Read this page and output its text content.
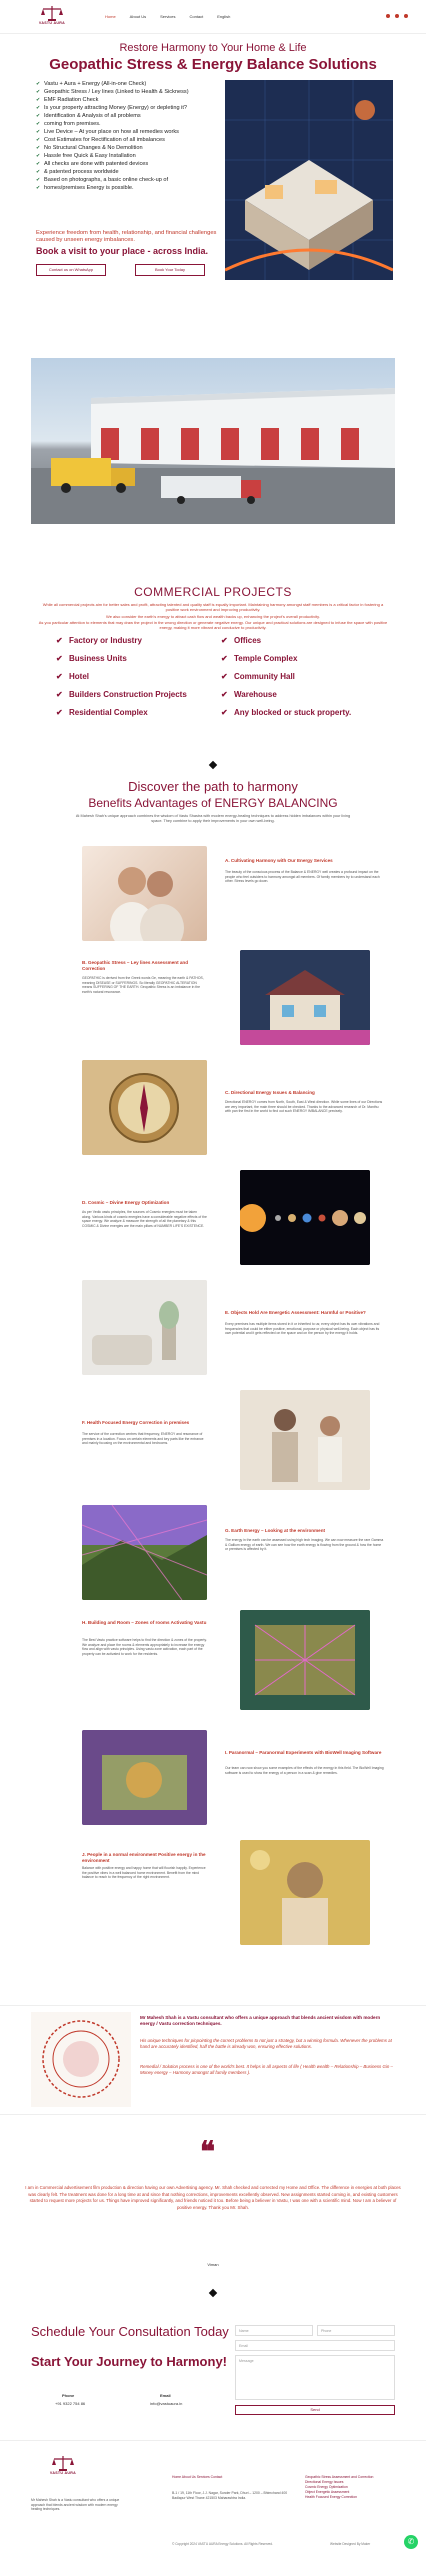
VASTU AURA
Home	About Us	Services	Contact	English
Restore Harmony to Your Home & Life
Geopathic Stress & Energy Balance Solutions
✔ Vastu + Aura + Energy (All-in-one Check)
✔ Geopathic Stress / Ley lines (Linked to Health & Sickness)
✔ EMF Radiation Check
✔ Is your property attracting Money (Energy) or depleting it?
✔ Identification & Analysis of all problems
✔ coming from premises.
✔ Live Device – At your place on how all remedies works
✔ Cost Estimates for Rectification of all imbalances
✔ No Structural Changes & No Demolition
✔ Hassle free Quick & Easy Installation
✔ All checks are done with patented devices
✔ & patented process worldwide
✔ Based on photographs, a basic online check-up of
✔ homes/premises Energy is possible.
Experience freedom from health, relationship, and financial challenges caused by unseen energy imbalances.
Book a visit to your place - across India.
Contact us on WhatsApp	Book Your Today
COMMERCIAL PROJECTS
While all commercial projects aim for better sales and profit, attracting talented and quality staff is equally important. Maintaining harmony amongst staff members is a critical factor in fostering a positive work environment and improving productivity.
We also consider the earth's energy to attract cash flow and wealth backs up, enhancing the project's overall productivity.
As you particular attention to elements that may draw the project in the wrong direction or generate negative energy. Our unique and practical solutions are designed to infuse the space with positive energy, making it more vibrant and conducive to productivity.
✔ Factory or Industry	✔ Offices
✔ Business Units	✔ Temple Complex
✔ Hotel	✔ Community Hall
✔ Builders Construction Projects	✔ Warehouse
✔ Residential Complex	✔ Any blocked or stuck property.
Discover the path to harmony
Benefits Advantages of ENERGY BALANCING
At Mahesh Shah's unique approach combines the wisdom of Vastu Shastra with modern energy-healing techniques to address hidden imbalances within your living space. They combine to apply their improvements in your own well-being.
A. Cultivating Harmony with Our Energy Services
The beauty of the conscious process of the Balance & ENERGY well creates a profound impact on the people who feel outsiders to harmony amongst all members. Of family members try to understand each other. Stress levels go down.
B. Geopathic Stress – Ley lines Assessment and Correction
GEOPATHIC is derived from the Greek words Ge, meaning the earth & PATHOS, meaning DISEASE or SUFFERINGS. So literally GEOPATHIC ALTERATION means SUFFERING OF THE EARTH. Geopathic Stress is an imbalance in the earth's natural resonance.
C. Directional Energy Issues & Balancing
Directional ENERGY comes from North, South, East & West direction. While some lines of our Directions are very important, the main three should be checked. Thanks to the advanced research of Dr. Manthu with pan the first in the world to find out such ENERGY IMBALANCE precisely.
D. Cosmic – Divine Energy Optimization
As per Vedic vastu principles, the sources of Cosmic energies must be taken along. Various kinds of cosmic energies have a considerable negative effects of the space energy. We analyze & measure the strength of all the planetary & this COSMIC & Divine energies are the main pillars of NUMBER LIFE'S EXISTENCE.
E. Objects Hold Are Energetic Assessment: Harmful or Positive?
Every premises has multiple items stored in it or inherited to us; every object has its own vibrations and frequencies that could be either positive, emotional, purpose or physical well-being. Each object has its own potential and it gets reflected on the space and on the person by the energy it holds.
F. Health Focused Energy Correction in premises
The service of the correction centres that frequency, ENERGY and resonance of premises in a location. Focus on certain elements and key parts like the entrance and mainly focusing on the environmental and bedrooms.
G. Earth Energy – Looking at the environment
The energy in the earth can be assessed using high tech imaging. We can now measure the rare Gamma & Gallium energy of earth. We can see how the earth energy is flowing from the ground & how the home or premises is affected by it.
H. Building and Room – Zones of rooms Activating Vastu
The Best Vastu practice software helps to find the direction & zones of the property. We analyze and place the rooms & elements appropriately to increase the energy flow and align with vastu principles. Using vastu zone activation, each part of the property can be activated to work for the residents.
I. Paranormal – Paranormal Experiments with BioWell Imaging Software
Our team can now show you some examples of the effects of the energy in this field. The BioWell Imaging software is used to show the energy of a person in a scan & give remedies.
J. People in a normal environment Positive energy in the environment
Balance with positive energy and happy home that will flourish happily. Experience the positive vibes in a well balanced home environment. Benefit from the mind balance to reach to the frequency of the right environment.
Mr Mahesh Shah is a Vastu consultant who offers a unique approach that blends ancient wisdom with modern energy / Vastu correction techniques.
His unique techniques for pinpointing the correct problems to not just a strategy, but a winning formula. Whenever the problems at hand are accurately identified, half the battle is already won, ensuring effective solutions.
Remedial / Solution process is one of the world's best. It helps in all aspects of life ( Health wealth – Relationship – Business Gin – Money energy – Harmony amongst all family members ).
❝
I am in Commercial advertisement film production & direction having our own Advertising agency. Mr. Shah checked and corrected my Home and Office. The difference in energies at both places was clearly felt. The treatment was done for a long time at and since that nothing corrections, improvements excellently observed. New assignments started coming in, and existing customers started to request more projects for us. Things have improved significantly, and friends noticed it too. Before being a believer in Vastu, I was one with a scientific mind. Now I am a believer of positive energy. Thank you Mr. Shah.
Viman
Schedule Your Consultation Today
Start Your Journey to Harmony!
Phone
+91 9322 754 86
Email
info@vastuaura.in
Name	Phone
Email
Message
Send
VASTU AURA
Mr Mahesh Shah is a Vastu consultant who offers a unique approach that blends ancient wisdom with modern energy healing techniques.
Home About Us Services Contact
B-1 / 19, 11th Floor, J.J. Nagar, Sunder Park, Dhuri – 1200 – Bhimchand 400 Badlapur West Thane 421503 Maharashtra India.
Geopathic Stress Assessment and Correction
Directional Energy Issues
Cosmic Energy Optimization
Object Energetic Assessment
Health Focused Energy Correction
© Copyright 2024 VASTU AURA Energy Solutions. All Rights Reserved.	Website Designed By Maker	✆
